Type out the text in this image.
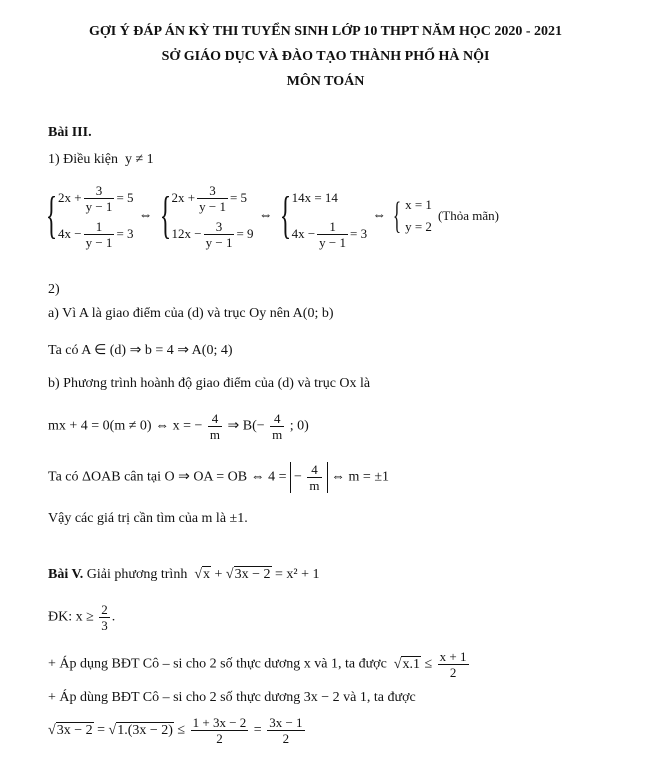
GỢI Ý ĐÁP ÁN KỲ THI TUYỂN SINH LỚP 10 THPT NĂM HỌC 2020 - 2021
SỞ GIÁO DỤC VÀ ĐÀO TẠO THÀNH PHỐ HÀ NỘI
MÔN TOÁN
Bài III.
1) Điều kiện y ≠ 1
{ $2x + \frac{3}{y - 1} = 5$
$4x - \frac{1}{y - 1} = 3$
⇔ { $2x + \frac{3}{y - 1} = 5$
$12x - \frac{3}{y - 1} = 9$
⇔ { 14x = 14
$4x - \frac{1}{y - 1} = 3$
⇔ { x = 1
y = 2
(Thỏa mãn)
2)
a) Vì A là giao điểm của (d) và trục Oy nên A(0; b)
Ta có A ∈ (d) ⇒ b = 4 ⇒ A(0; 4)
b) Phương trình hoành độ giao điểm của (d) và trục Ox là
mx + 4 = 0(m ≠ 0) ⇔ x = − $\frac{4}{m}$ ⇒ $B(- \frac{4}{m}$ ; 0)
Ta có ΔOAB cân tại O ⇒ OA = OB ⇔ 4 = − $\frac{4}{m}$ ⇔ m = ±1
Vậy các giá trị cần tìm của m là ±1.
Bài V. Giải phương trình √x + √3x − 2 = x² + 1
ĐK: $x \ge \frac{2}{3}$ .
+ Áp dụng BĐT Cô – si cho 2 số thực dương x và 1, ta được $√x.1 \le \frac{x + 1}{2}$
+ Áp dùng BĐT Cô – si cho 2 số thực dương 3x − 2 và 1, ta được
$√3x - 2 = √1.(3x - 2) \le \frac{1 + 3x - 2}{2} = \frac{3x - 1}{2}$
